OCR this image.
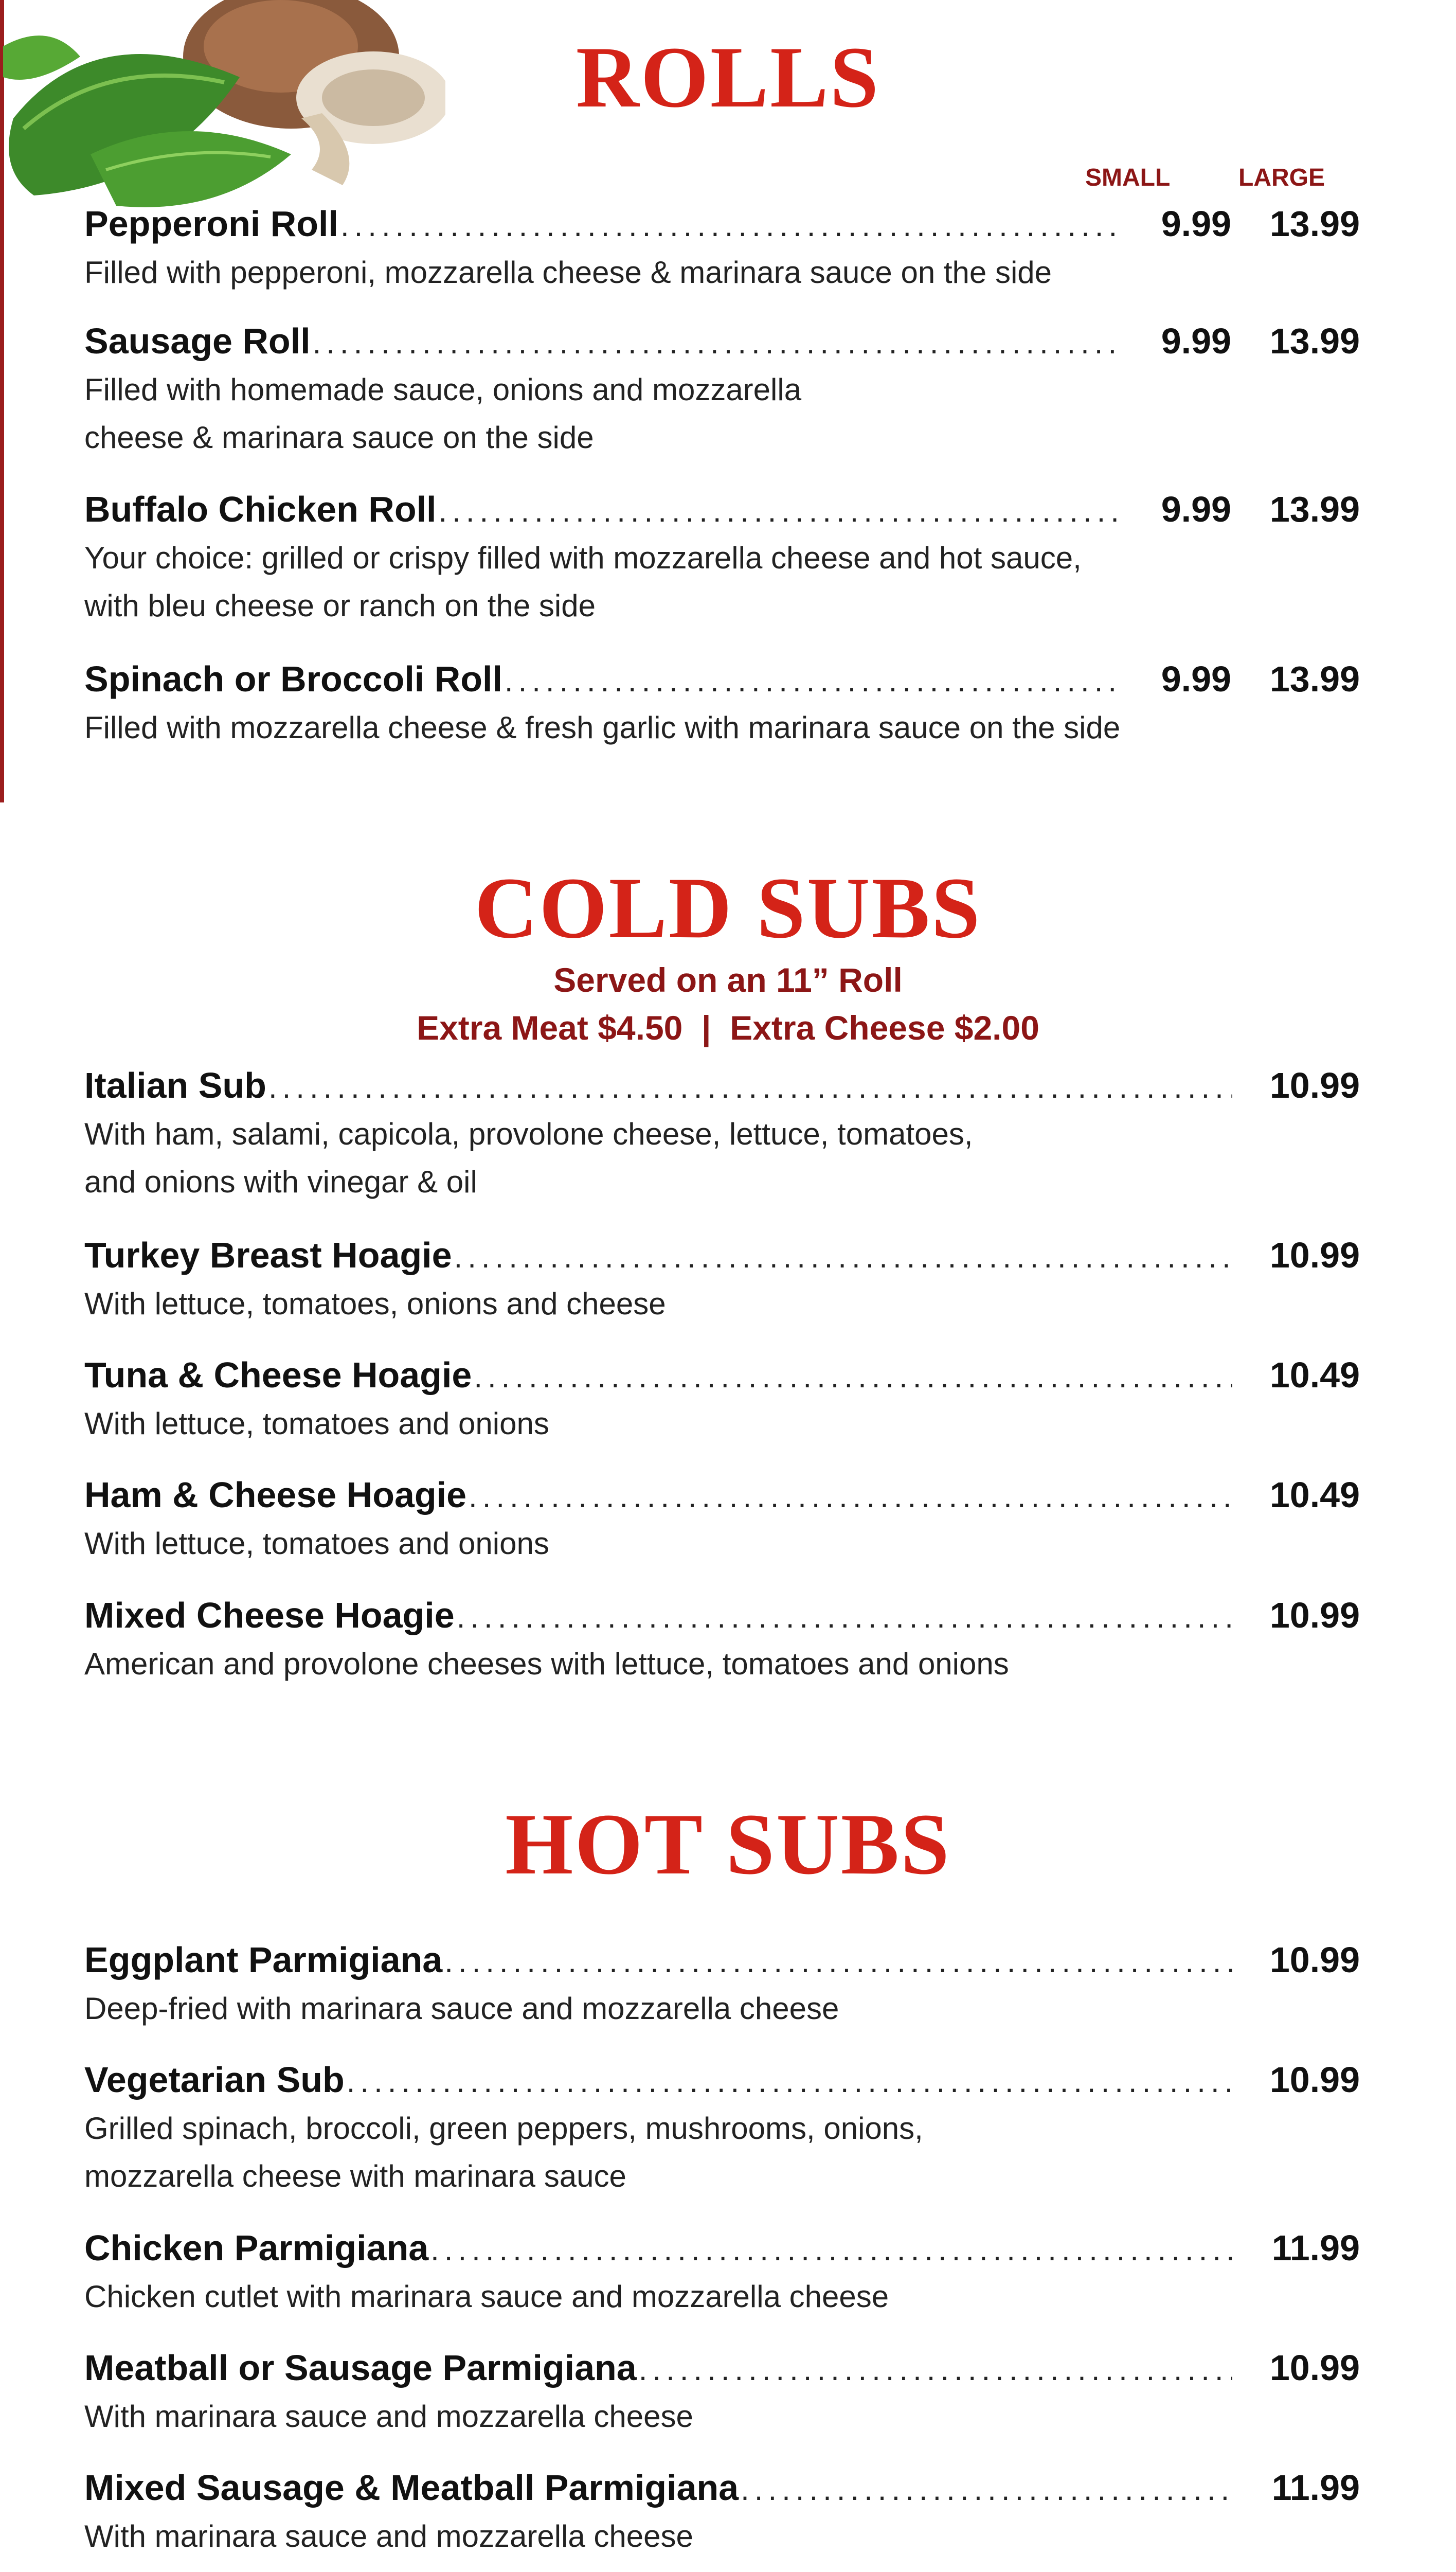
ROLLS
SMALL	LARGE
Pepperoni Roll .....	9.99	13.99

Filled with pepperoni, mozzarella cheese & marinara sauce on the side

Sausage Roll .....	9.99	13.99

Filled with homemade sauce, onions and mozzarella

cheese & marinara sauce on the side

Buffalo Chicken Roll .....	9.99	13.99

Your choice: grilled or crispy filled with mozzarella cheese and hot sauce,

with bleu cheese or ranch on the side

Spinach or Broccoli Roll .....	9.99	13.99

Filled with mozzarella cheese & fresh garlic with marinara sauce on the side

COLD SUBS

Served on an 11” Roll

Extra Meat $4.50  |  Extra Cheese $2.00

Italian Sub .....	10.99

With ham, salami, capicola, provolone cheese, lettuce, tomatoes,

and onions with vinegar & oil

Turkey Breast Hoagie .....	10.99

With lettuce, tomatoes, onions and cheese

Tuna & Cheese Hoagie .....	10.49

With lettuce, tomatoes and onions

Ham & Cheese Hoagie .....	10.49

With lettuce, tomatoes and onions

Mixed Cheese Hoagie .....	10.99

American and provolone cheeses with lettuce, tomatoes and onions

HOT SUBS
Eggplant Parmigiana .....	10.99

Deep-fried with marinara sauce and mozzarella cheese

Vegetarian Sub .....	10.99

Grilled spinach, broccoli, green peppers, mushrooms, onions,

mozzarella cheese with marinara sauce

Chicken Parmigiana .....	11.99

Chicken cutlet with marinara sauce and mozzarella cheese

Meatball or Sausage Parmigiana .....	10.99

With marinara sauce and mozzarella cheese

Mixed Sausage & Meatball Parmigiana .....	11.99

With marinara sauce and mozzarella cheese
